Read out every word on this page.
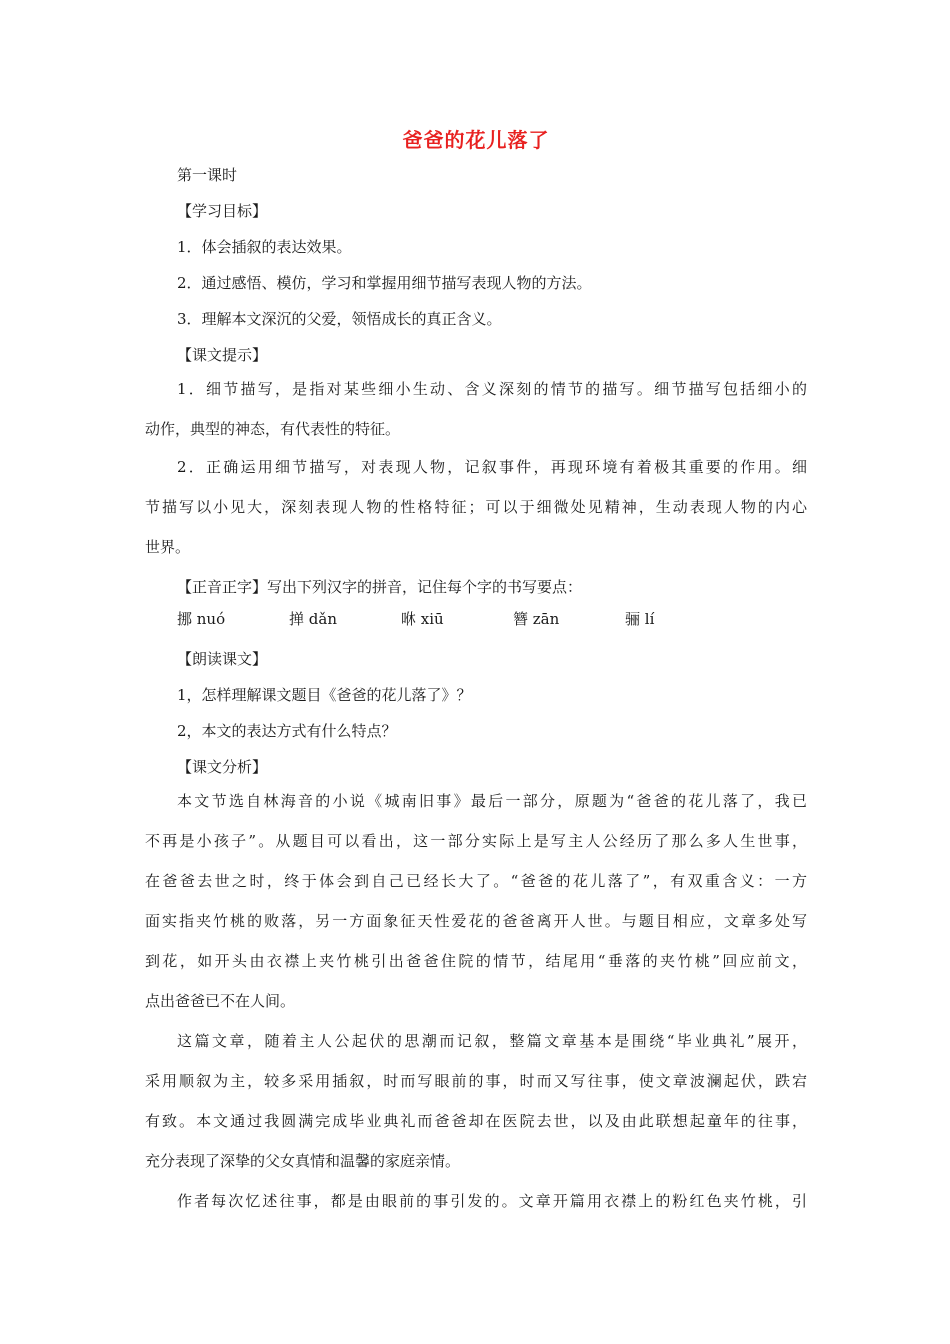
爸爸的花儿落了
第一课时
【学习目标】
1．体会插叙的表达效果。
2．通过感悟、模仿，学习和掌握用细节描写表现人物的方法。
3．理解本文深沉的父爱，领悟成长的真正含义。
【课文提示】
1．细节描写，是指对某些细小生动、含义深刻的情节的描写。细节描写包括细小的
动作，典型的神态，有代表性的特征。
2．正确运用细节描写，对表现人物，记叙事件，再现环境有着极其重要的作用。细
节描写以小见大，深刻表现人物的性格特征；可以于细微处见精神，生动表现人物的内心
世界。
【正音正字】写出下列汉字的拼音，记住每个字的书写要点：
挪 nuó	掸 dǎn	咻 xiū	簪 zān	骊 lí
【朗读课文】
1，怎样理解课文题目《爸爸的花儿落了》？
2，本文的表达方式有什么特点？
【课文分析】
本文节选自林海音的小说《城南旧事》最后一部分，原题为“爸爸的花儿落了，我已
不再是小孩子”。从题目可以看出，这一部分实际上是写主人公经历了那么多人生世事，
在爸爸去世之时，终于体会到自己已经长大了。“爸爸的花儿落了”，有双重含义：一方
面实指夹竹桃的败落，另一方面象征天性爱花的爸爸离开人世。与题目相应，文章多处写
到花，如开头由衣襟上夹竹桃引出爸爸住院的情节，结尾用“垂落的夹竹桃”回应前文，
点出爸爸已不在人间。
这篇文章，随着主人公起伏的思潮而记叙，整篇文章基本是围绕“毕业典礼”展开，
采用顺叙为主，较多采用插叙，时而写眼前的事，时而又写往事，使文章波澜起伏，跌宕
有致。本文通过我圆满完成毕业典礼而爸爸却在医院去世，以及由此联想起童年的往事，
充分表现了深挚的父女真情和温馨的家庭亲情。
作者每次忆述往事，都是由眼前的事引发的。文章开篇用衣襟上的粉红色夹竹桃，引
